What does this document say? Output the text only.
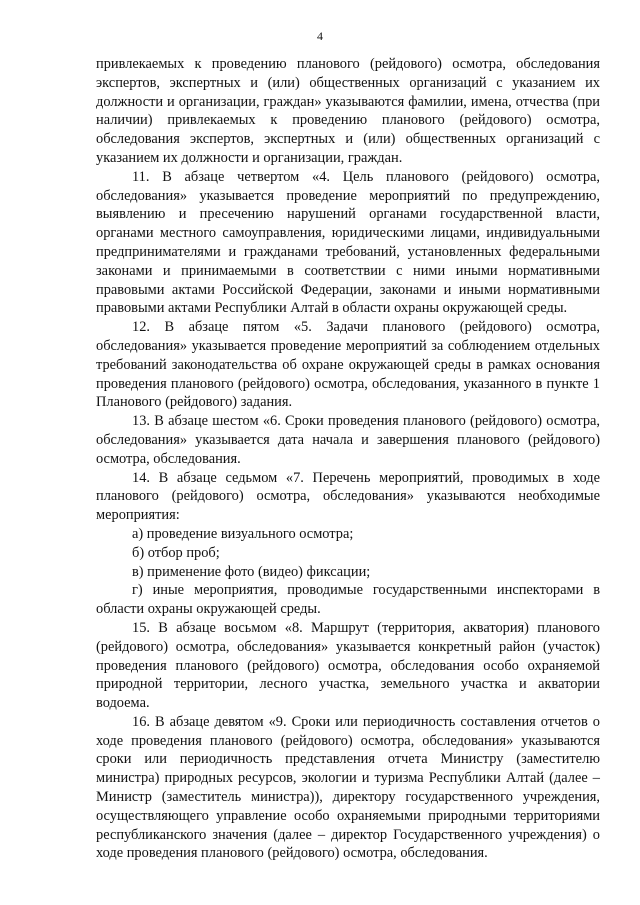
4

привлекаемых к проведению планового (рейдового) осмотра, обследования экспертов, экспертных и (или) общественных организаций с указанием их должности и организации, граждан» указываются фамилии, имена, отчества (при наличии) привлекаемых к проведению планового (рейдового) осмотра, обследования экспертов, экспертных и (или) общественных организаций с указанием их должности и организации, граждан.

11. В абзаце четвертом «4. Цель планового (рейдового) осмотра, обследования» указывается проведение мероприятий по предупреждению, выявлению и пресечению нарушений органами государственной власти, органами местного самоуправления, юридическими лицами, индивидуальными предпринимателями и гражданами требований, установленных федеральными законами и принимаемыми в соответствии с ними иными нормативными правовыми актами Российской Федерации, законами и иными нормативными правовыми актами Республики Алтай в области охраны окружающей среды.

12. В абзаце пятом «5. Задачи планового (рейдового) осмотра, обследования» указывается проведение мероприятий за соблюдением отдельных требований законодательства об охране окружающей среды в рамках основания проведения планового (рейдового) осмотра, обследования, указанного в пункте 1 Планового (рейдового) задания.

13. В абзаце шестом «6. Сроки проведения планового (рейдового) осмотра, обследования» указывается дата начала и завершения планового (рейдового) осмотра, обследования.

14. В абзаце седьмом «7. Перечень мероприятий, проводимых в ходе планового (рейдового) осмотра, обследования» указываются необходимые мероприятия:

а) проведение визуального осмотра;

б) отбор проб;

в) применение фото (видео) фиксации;

г) иные мероприятия, проводимые государственными инспекторами в области охраны окружающей среды.

15. В абзаце восьмом «8. Маршрут (территория, акватория) планового (рейдового) осмотра, обследования» указывается конкретный район (участок) проведения планового (рейдового) осмотра, обследования особо охраняемой природной территории, лесного участка, земельного участка и акватории водоема.

16. В абзаце девятом «9. Сроки или периодичность составления отчетов о ходе проведения планового (рейдового) осмотра, обследования» указываются сроки или периодичность представления отчета Министру (заместителю министра) природных ресурсов, экологии и туризма Республики Алтай (далее – Министр (заместитель министра)), директору государственного учреждения, осуществляющего управление особо охраняемыми природными территориями республиканского значения (далее – директор Государственного учреждения) о ходе проведения планового (рейдового) осмотра, обследования.
